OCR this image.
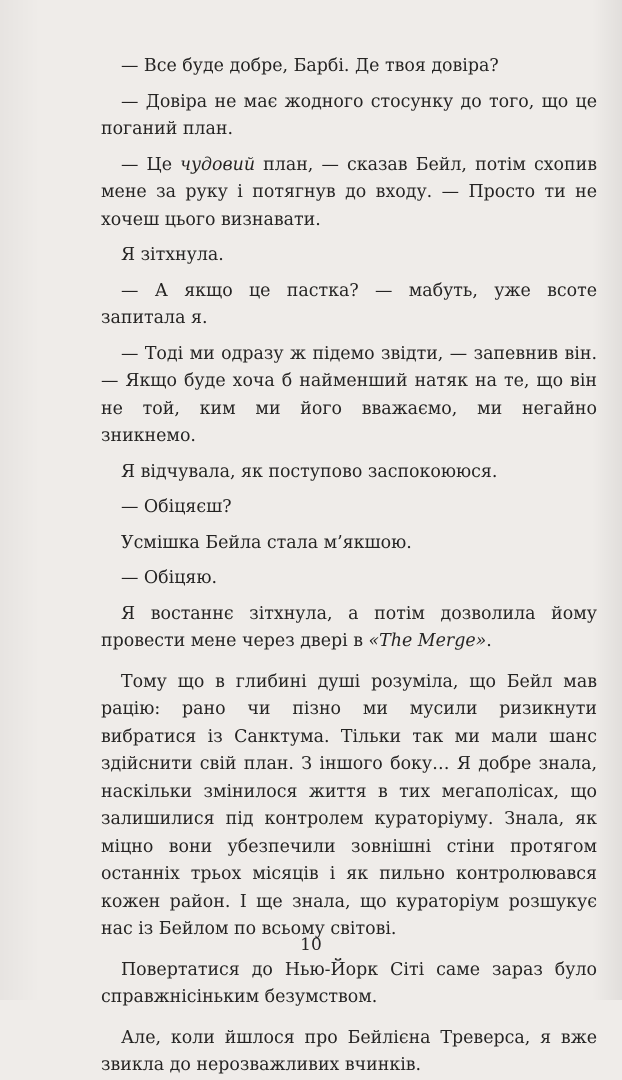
— Все буде добре, Барбі. Де твоя довіра?

— Довіра не має жодного стосунку до того, що це поганий план.

— Це чудовий план, — сказав Бейл, потім схопив мене за руку і потягнув до входу. — Просто ти не хочеш цього визнавати.

Я зітхнула.

— А якщо це пастка? — мабуть, уже всоте запитала я.

— Тоді ми одразу ж підемо звідти, — запевнив він. — Якщо буде хоча б найменший натяк на те, що він не той, ким ми його вважаємо, ми негайно зникнемо.

Я відчувала, як поступово заспокоююся.

— Обіцяєш?

Усмішка Бейла стала м’якшою.

— Обіцяю.

Я востаннє зітхнула, а потім дозволила йому провести мене через двері в «The Merge».

Тому що в глибині душі розуміла, що Бейл мав рацію: рано чи пізно ми мусили ризикнути вибратися із Санктума. Тільки так ми мали шанс здійснити свій план. З іншого боку… Я добре знала, наскільки змінилося життя в тих мегаполісах, що залишилися під контролем кураторіуму. Знала, як міцно вони убезпечили зовнішні стіни протягом останніх трьох місяців і як пильно контролювався кожен район. І ще знала, що кураторіум розшукує нас із Бейлом по всьому світові.

Повертатися до Нью-Йорк Сіті саме зараз було справжнісіньким безумством.

Але, коли йшлося про Бейлієна Треверса, я вже звикла до нерозважливих вчинків.

10
